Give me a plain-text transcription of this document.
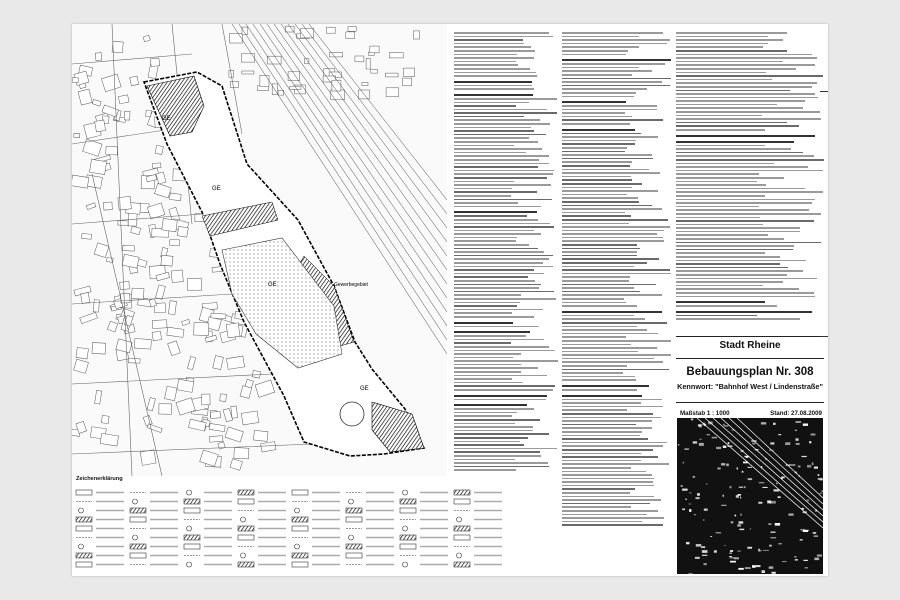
GE
GE
GE
GE
Gewerbegebiet
Zeichenerklärung
Stadt Rheine
Bebauungsplan Nr. 308
Kennwort: "Bahnhof West / Lindenstraße"
Maßstab 1 : 1000	Stand: 27.08.2009
